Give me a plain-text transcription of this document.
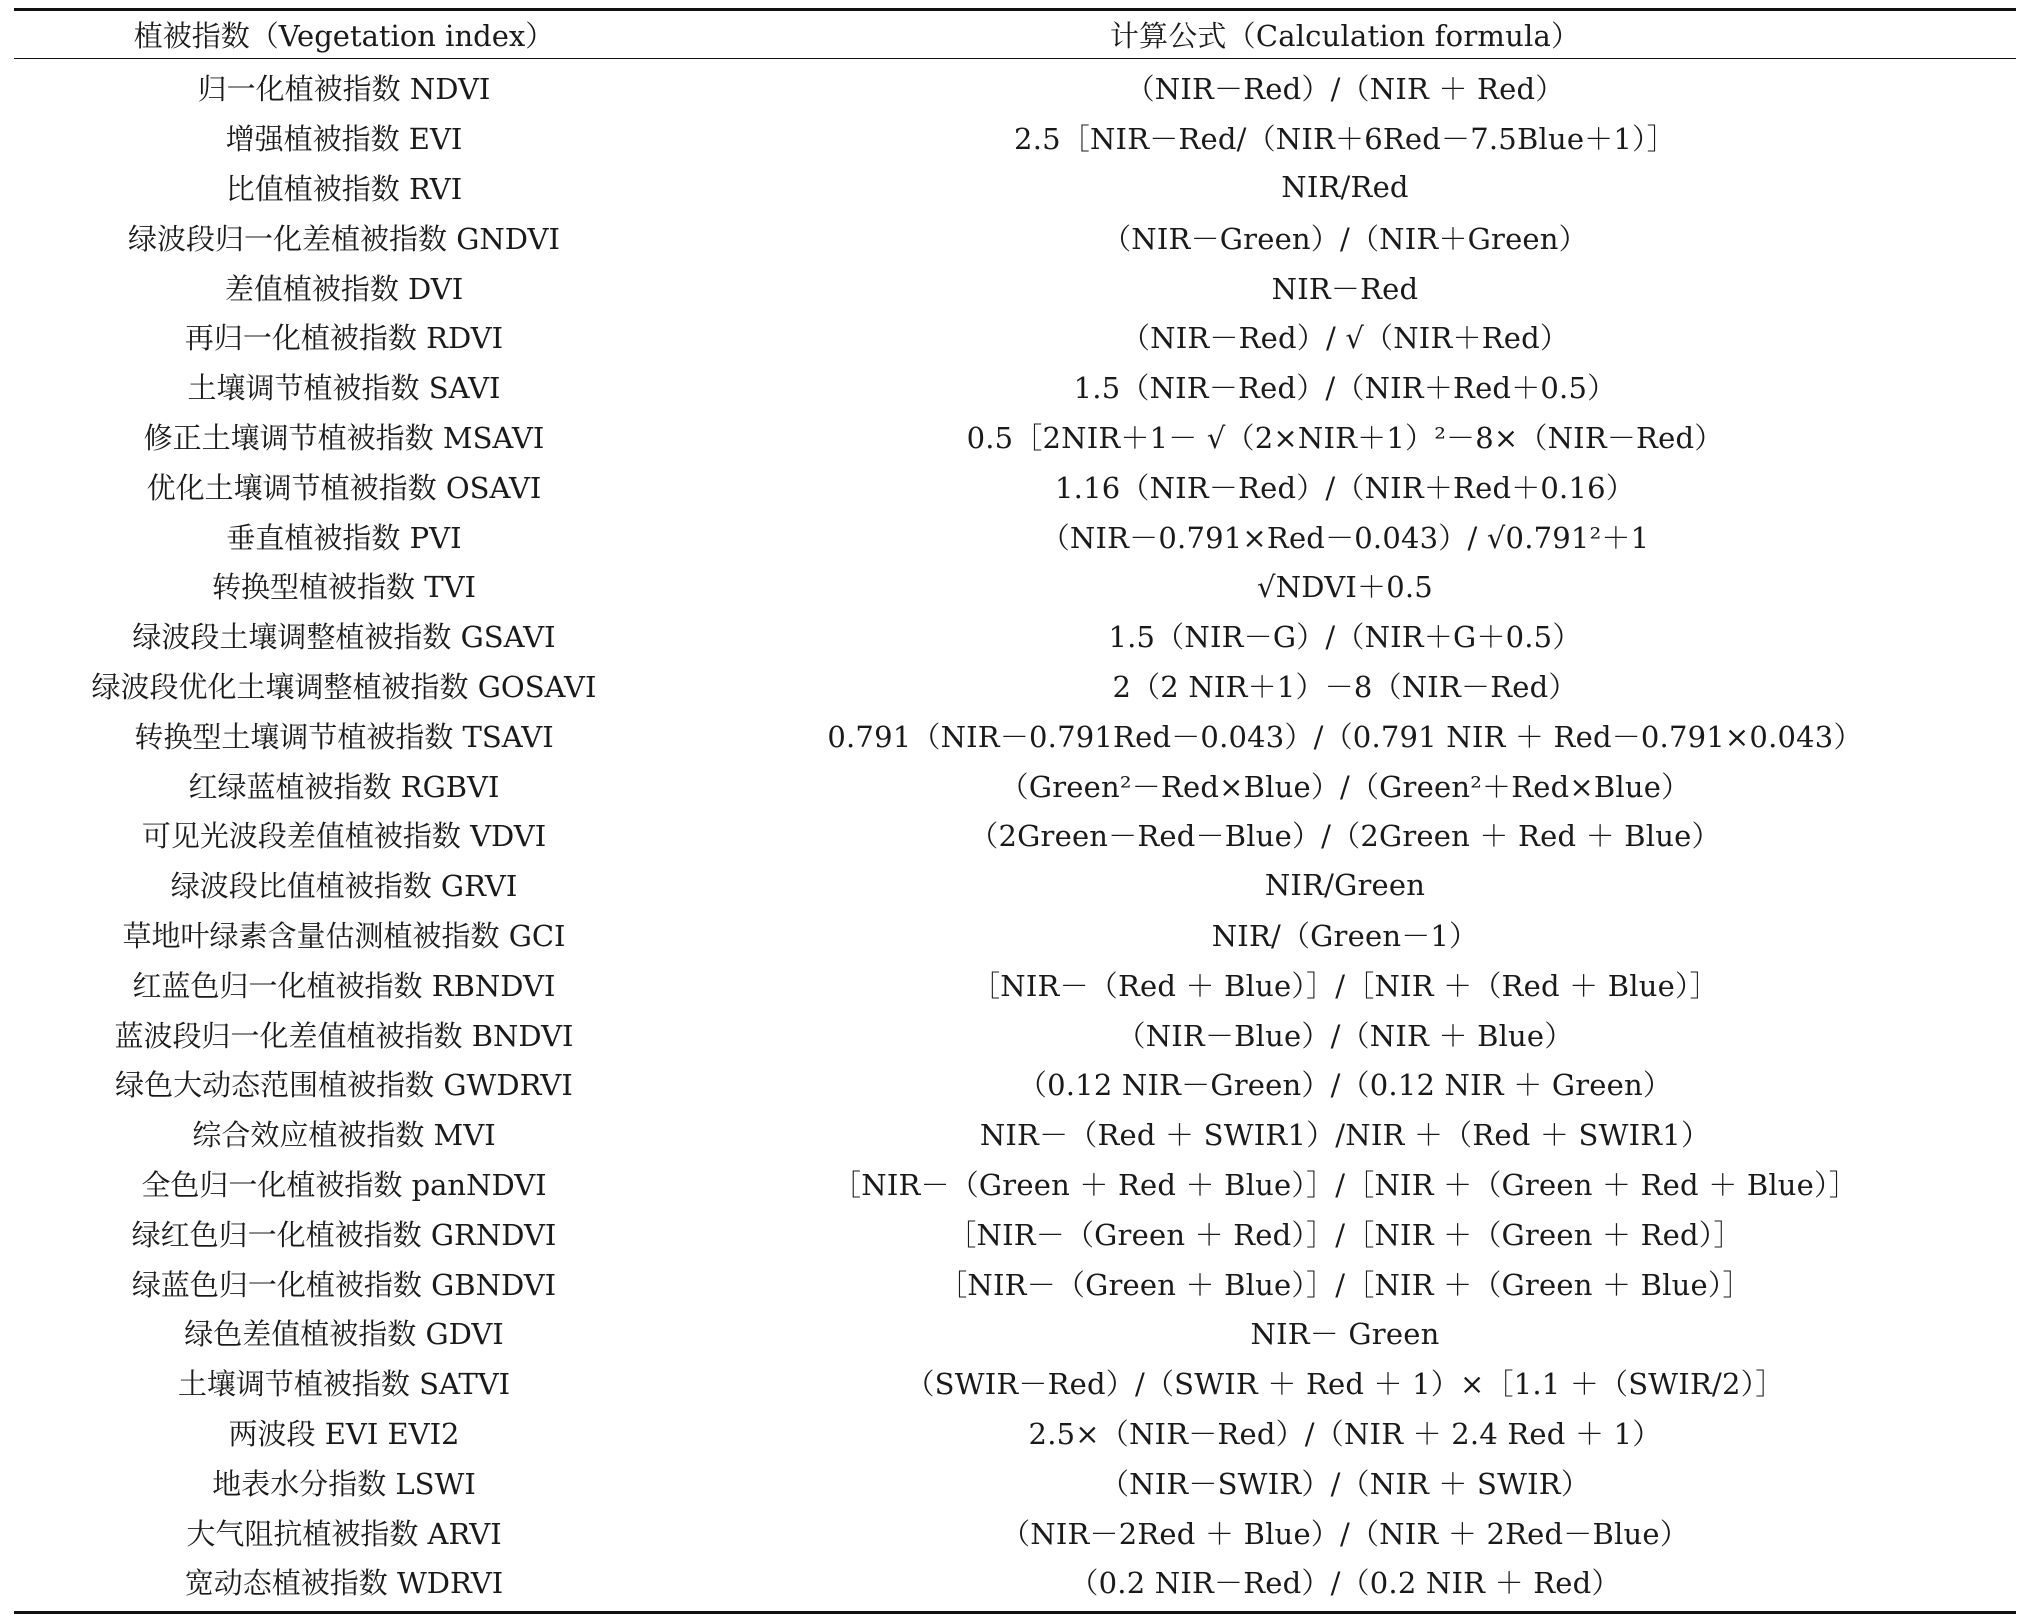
植被指数（Vegetation index）	计算公式（Calculation formula）
归一化植被指数 NDVI	（NIR－Red）/（NIR ＋ Red）
增强植被指数 EVI	2.5［NIR－Red/（NIR＋6Red－7.5Blue＋1）］
比值植被指数 RVI	NIR/Red
绿波段归一化差植被指数 GNDVI	（NIR－Green）/（NIR＋Green）
差值植被指数 DVI	NIR－Red
再归一化植被指数 RDVI	（NIR－Red）/ √（NIR＋Red）
土壤调节植被指数 SAVI	1.5（NIR－Red）/（NIR＋Red＋0.5）
修正土壤调节植被指数 MSAVI	0.5［2NIR＋1－ √（2×NIR＋1）²－8×（NIR－Red）
优化土壤调节植被指数 OSAVI	1.16（NIR－Red）/（NIR＋Red＋0.16）
垂直植被指数 PVI	（NIR－0.791×Red－0.043）/ √0.791²＋1
转换型植被指数 TVI	√NDVI＋0.5
绿波段土壤调整植被指数 GSAVI	1.5（NIR－G）/（NIR＋G＋0.5）
绿波段优化土壤调整植被指数 GOSAVI	2（2 NIR＋1）－8（NIR－Red）
转换型土壤调节植被指数 TSAVI	0.791（NIR－0.791Red－0.043）/（0.791 NIR ＋ Red－0.791×0.043）
红绿蓝植被指数 RGBVI	（Green²－Red×Blue）/（Green²＋Red×Blue）
可见光波段差值植被指数 VDVI	（2Green－Red－Blue）/（2Green ＋ Red ＋ Blue）
绿波段比值植被指数 GRVI	NIR/Green
草地叶绿素含量估测植被指数 GCI	NIR/（Green－1）
红蓝色归一化植被指数 RBNDVI	［NIR－（Red ＋ Blue）］/［NIR ＋（Red ＋ Blue）］
蓝波段归一化差值植被指数 BNDVI	（NIR－Blue）/（NIR ＋ Blue）
绿色大动态范围植被指数 GWDRVI	（0.12 NIR－Green）/（0.12 NIR ＋ Green）
综合效应植被指数 MVI	NIR－（Red ＋ SWIR1）/NIR ＋（Red ＋ SWIR1）
全色归一化植被指数 panNDVI	［NIR－（Green ＋ Red ＋ Blue）］/［NIR ＋（Green ＋ Red ＋ Blue）］
绿红色归一化植被指数 GRNDVI	［NIR－（Green ＋ Red）］/［NIR ＋（Green ＋ Red）］
绿蓝色归一化植被指数 GBNDVI	［NIR－（Green ＋ Blue）］/［NIR ＋（Green ＋ Blue）］
绿色差值植被指数 GDVI	NIR－ Green
土壤调节植被指数 SATVI	（SWIR－Red）/（SWIR ＋ Red ＋ 1）×［1.1 ＋（SWIR/2）］
两波段 EVI EVI2	2.5×（NIR－Red）/（NIR ＋ 2.4 Red ＋ 1）
地表水分指数 LSWI	（NIR－SWIR）/（NIR ＋ SWIR）
大气阻抗植被指数 ARVI	（NIR－2Red ＋ Blue）/（NIR ＋ 2Red－Blue）
宽动态植被指数 WDRVI	（0.2 NIR－Red）/（0.2 NIR ＋ Red）
